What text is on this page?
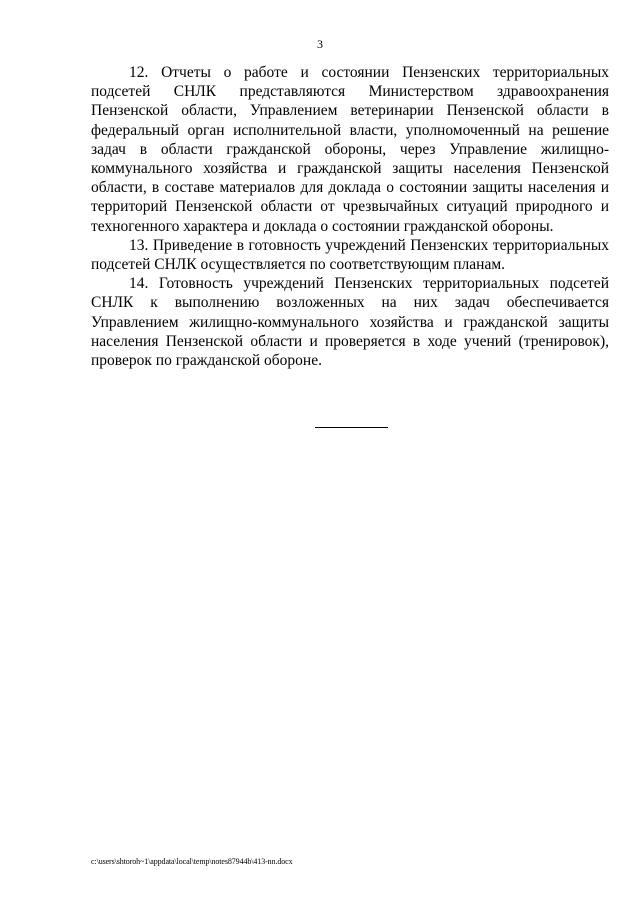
3

12. Отчеты о работе и состоянии Пензенских территориальных подсетей СНЛК представляются Министерством здравоохранения Пензенской области, Управлением ветеринарии Пензенской области в федеральный орган исполнительной власти, уполномоченный на решение задач в области гражданской обороны, через Управление жилищно-коммунального хозяйства и гражданской защиты населения Пензенской области, в составе материалов для доклада о состоянии защиты населения и территорий Пензенской области от чрезвычайных ситуаций природного и техногенного характера и доклада о состоянии гражданской обороны.

13. Приведение в готовность учреждений Пензенских территориальных подсетей СНЛК осуществляется по соответствующим планам.

14. Готовность учреждений Пензенских территориальных подсетей СНЛК к выполнению возложенных на них задач обеспечивается Управлением жилищно-коммунального хозяйства и гражданской защиты населения Пензенской области и проверяется в ходе учений (тренировок), проверок по гражданской обороне.

c:\users\shtoroh~1\appdata\local\temp\notes87944b\413-nn.docx
